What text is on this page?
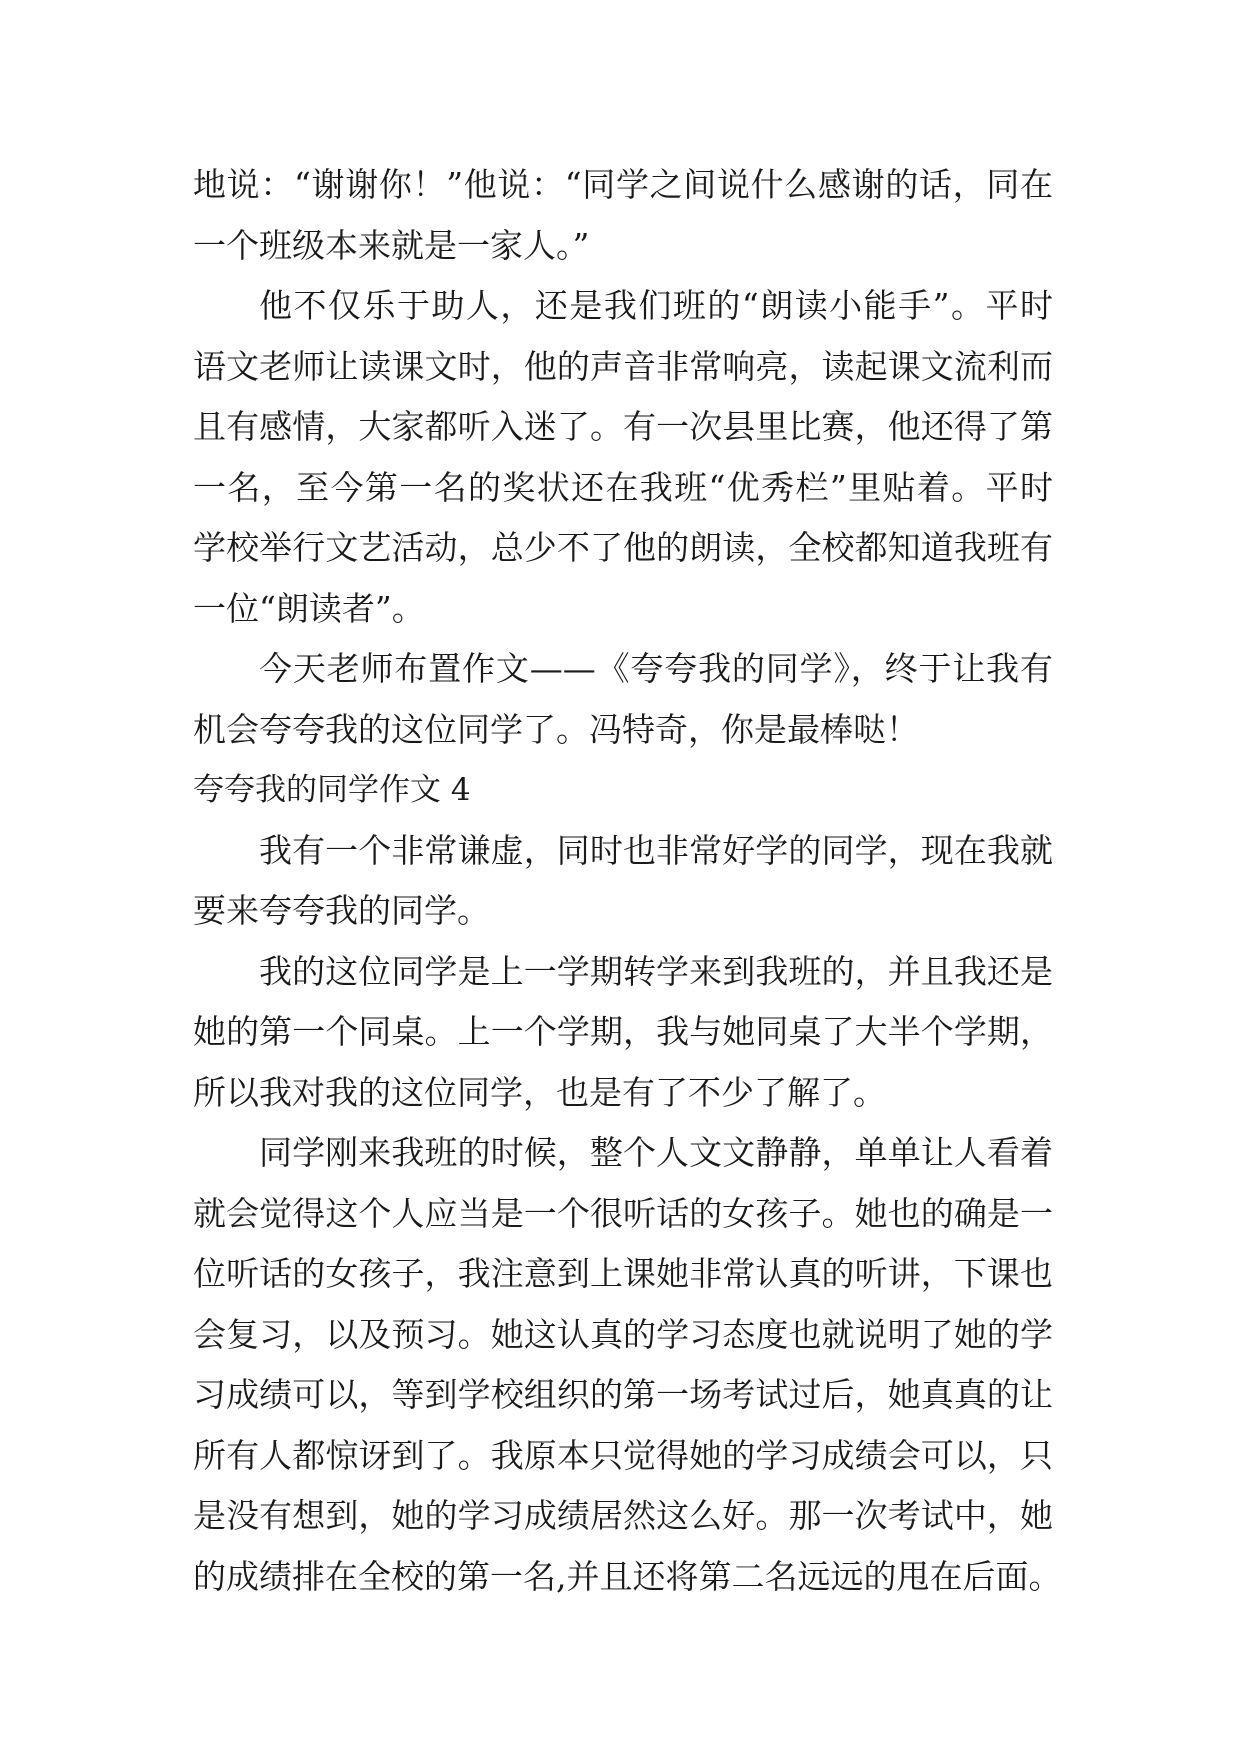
地说：“谢谢你！”他说：“同学之间说什么感谢的话，同在
一个班级本来就是一家人。”
他不仅乐于助人，还是我们班的“朗读小能手”。平时
语文老师让读课文时，他的声音非常响亮，读起课文流利而
且有感情，大家都听入迷了。有一次县里比赛，他还得了第
一名，至今第一名的奖状还在我班“优秀栏”里贴着。平时
学校举行文艺活动，总少不了他的朗读，全校都知道我班有
一位“朗读者”。
今天老师布置作文——《夸夸我的同学》，终于让我有
机会夸夸我的这位同学了。冯特奇，你是最棒哒！
夸夸我的同学作文 4
我有一个非常谦虚，同时也非常好学的同学，现在我就
要来夸夸我的同学。
我的这位同学是上一学期转学来到我班的，并且我还是
她的第一个同桌。上一个学期，我与她同桌了大半个学期，
所以我对我的这位同学，也是有了不少了解了。
同学刚来我班的时候，整个人文文静静，单单让人看着
就会觉得这个人应当是一个很听话的女孩子。她也的确是一
位听话的女孩子，我注意到上课她非常认真的听讲，下课也
会复习，以及预习。她这认真的学习态度也就说明了她的学
习成绩可以，等到学校组织的第一场考试过后，她真真的让
所有人都惊讶到了。我原本只觉得她的学习成绩会可以，只
是没有想到，她的学习成绩居然这么好。那一次考试中，她
的成绩排在全校的第一名,并且还将第二名远远的甩在后面。
